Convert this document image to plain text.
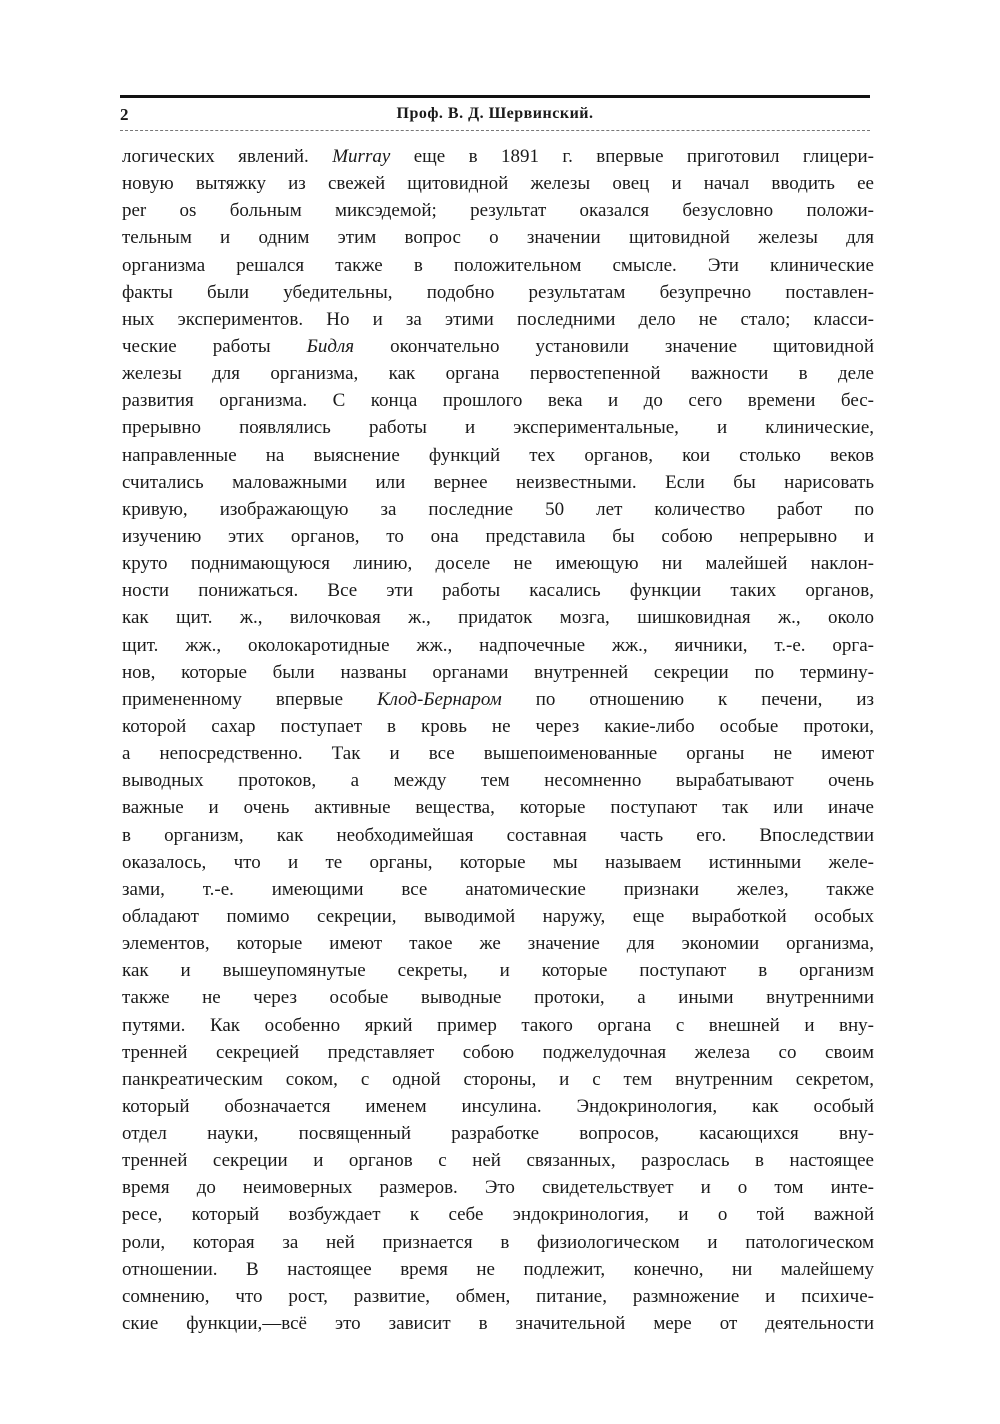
2	Проф. В. Д. Шервинский.
логических явлений. Murray еще в 1891 г. впервые приготовил глицери-
новую вытяжку из свежей щитовидной железы овец и начал вводить ее
per os больным миксэдемой; результат оказался безусловно положи-
тельным и одним этим вопрос о значении щитовидной железы для
организма решался также в положительном смысле. Эти клинические
факты были убедительны, подобно результатам безупречно поставлен-
ных экспериментов. Но и за этими последними дело не стало; класси-
ческие работы Бидля окончательно установили значение щитовидной
железы для организма, как органа первостепенной важности в деле
развития организма. С конца прошлого века и до сего времени бес-
прерывно появлялись работы и экспериментальные, и клинические,
направленные на выяснение функций тех органов, кои столько веков
считались маловажными или вернее неизвестными. Если бы нарисовать
кривую, изображающую за последние 50 лет количество работ по
изучению этих органов, то она представила бы собою непрерывно и
круто поднимающуюся линию, доселе не имеющую ни малейшей наклон-
ности понижаться. Все эти работы касались функции таких органов,
как щит. ж., вилочковая ж., придаток мозга, шишковидная ж., около
щит. жж., околокаротидные жж., надпочечные жж., яичники, т.-е. орга-
нов, которые были названы органами внутренней секреции по термину-
примененному впервые Клод-Бернаром по отношению к печени, из
которой сахар поступает в кровь не через какие-либо особые протоки,
а непосредственно. Так и все вышепоименованные органы не имеют
выводных протоков, а между тем несомненно вырабатывают очень
важные и очень активные вещества, которые поступают так или иначе
в организм, как необходимейшая составная часть его. Впоследствии
оказалось, что и те органы, которые мы называем истинными желе-
зами, т.-е. имеющими все анатомические признаки желез, также
обладают помимо секреции, выводимой наружу, еще выработкой особых
элементов, которые имеют такое же значение для экономии организма,
как и вышеупомянутые секреты, и которые поступают в организм
также не через особые выводные протоки, а иными внутренними
путями. Как особенно яркий пример такого органа с внешней и вну-
тренней секрецией представляет собою поджелудочная железа со своим
панкреатическим соком, с одной стороны, и с тем внутренним секретом,
который обозначается именем инсулина. Эндокринология, как особый
отдел науки, посвященный разработке вопросов, касающихся вну-
тренней секреции и органов с ней связанных, разрослась в настоящее
время до неимоверных размеров. Это свидетельствует и о том инте-
ресе, который возбуждает к себе эндокринология, и о той важной
роли, которая за ней признается в физиологическом и патологическом
отношении. В настоящее время не подлежит, конечно, ни малейшему
сомнению, что рост, развитие, обмен, питание, размножение и психиче-
ские функции,—всё это зависит в значительной мере от деятельности
